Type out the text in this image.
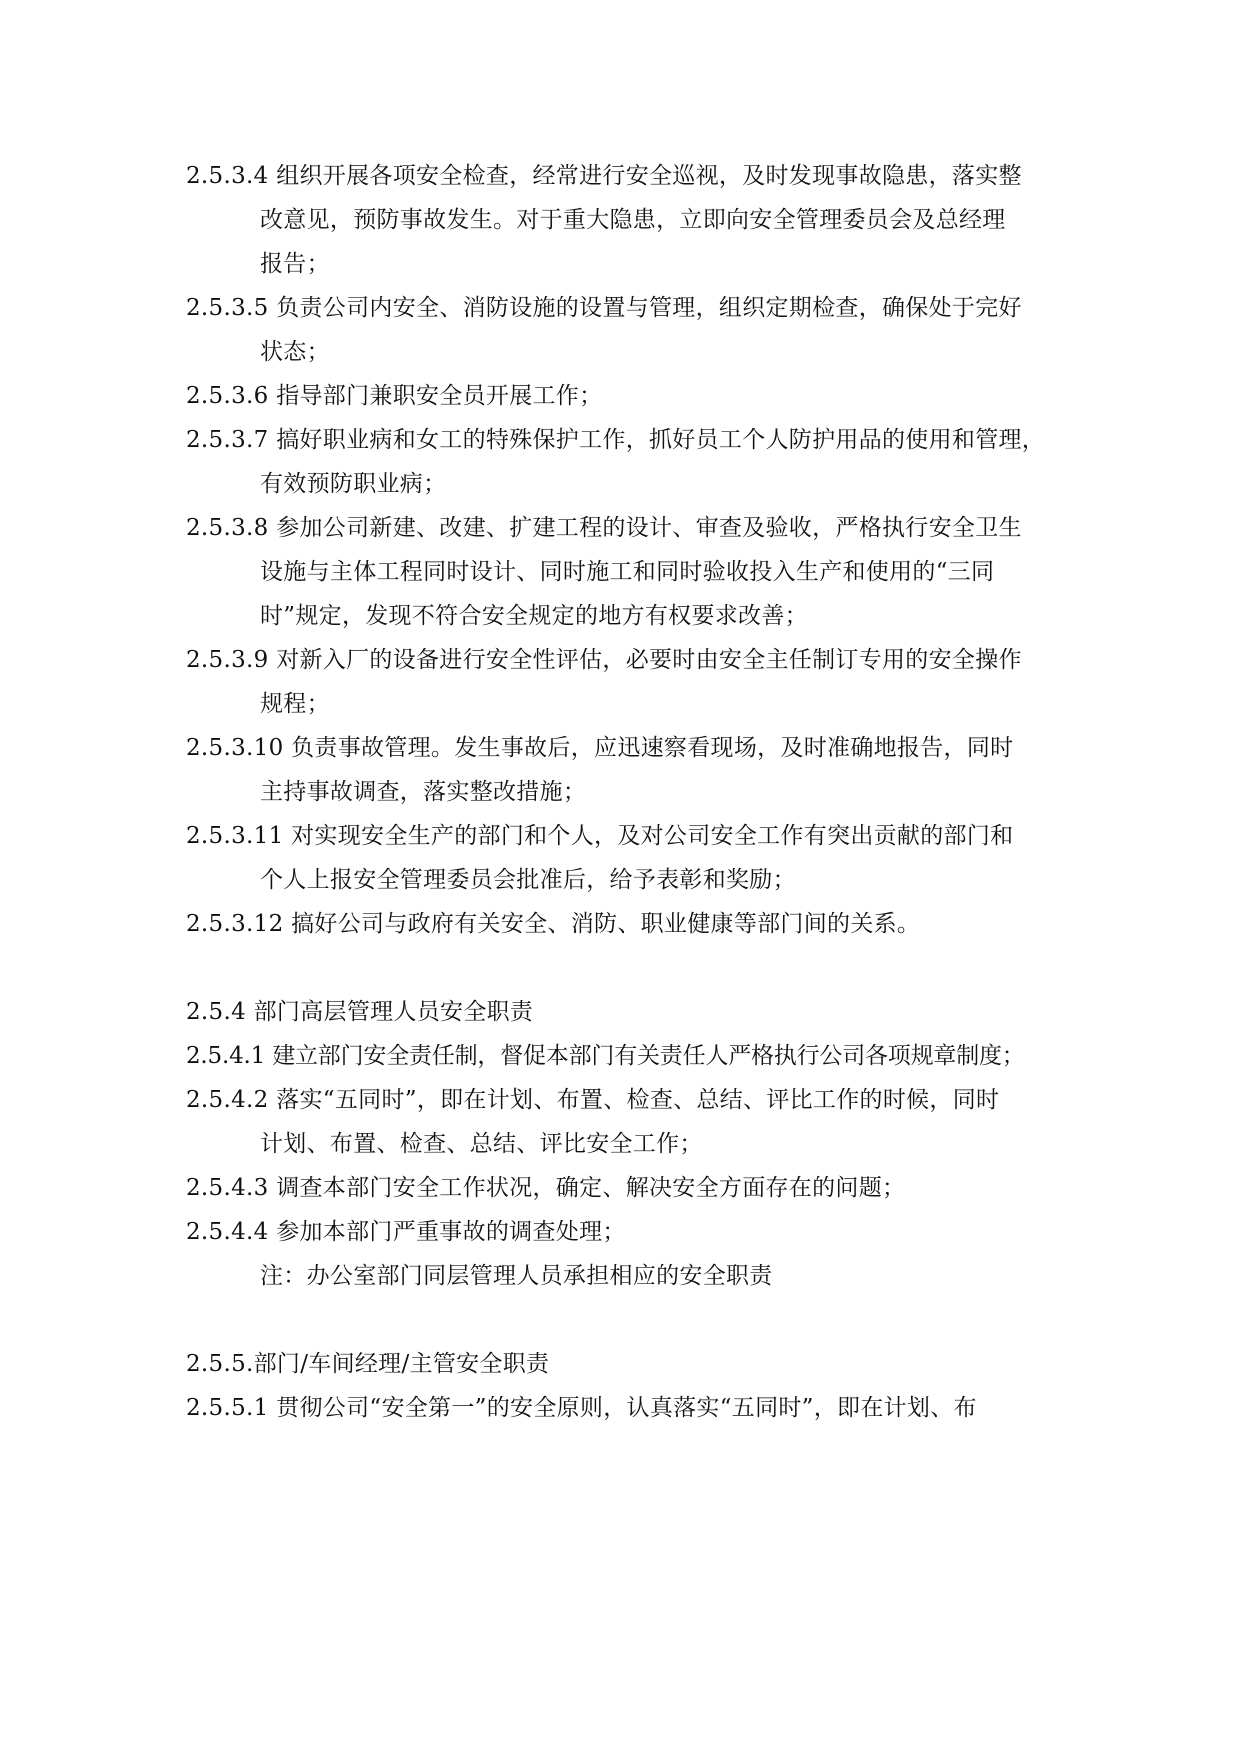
2.5.3.4 组织开展各项安全检查，经常进行安全巡视，及时发现事故隐患，落实整
改意见，预防事故发生。对于重大隐患，立即向安全管理委员会及总经理
报告；
2.5.3.5 负责公司内安全、消防设施的设置与管理，组织定期检查，确保处于完好
状态；
2.5.3.6 指导部门兼职安全员开展工作；
2.5.3.7 搞好职业病和女工的特殊保护工作，抓好员工个人防护用品的使用和管理，
有效预防职业病；
2.5.3.8 参加公司新建、改建、扩建工程的设计、审查及验收，严格执行安全卫生
设施与主体工程同时设计、同时施工和同时验收投入生产和使用的“三同
时”规定，发现不符合安全规定的地方有权要求改善；
2.5.3.9 对新入厂的设备进行安全性评估，必要时由安全主任制订专用的安全操作
规程；
2.5.3.10 负责事故管理。发生事故后，应迅速察看现场，及时准确地报告，同时
主持事故调查，落实整改措施；
2.5.3.11 对实现安全生产的部门和个人，及对公司安全工作有突出贡献的部门和
个人上报安全管理委员会批准后，给予表彰和奖励；
2.5.3.12 搞好公司与政府有关安全、消防、职业健康等部门间的关系。
2.5.4 部门高层管理人员安全职责
2.5.4.1 建立部门安全责任制，督促本部门有关责任人严格执行公司各项规章制度；
2.5.4.2 落实“五同时”，即在计划、布置、检查、总结、评比工作的时候，同时
计划、布置、检查、总结、评比安全工作；
2.5.4.3 调查本部门安全工作状况，确定、解决安全方面存在的问题；
2.5.4.4 参加本部门严重事故的调查处理；
注：办公室部门同层管理人员承担相应的安全职责
2.5.5.部门/车间经理/主管安全职责
2.5.5.1 贯彻公司“安全第一”的安全原则，认真落实“五同时”，即在计划、布
